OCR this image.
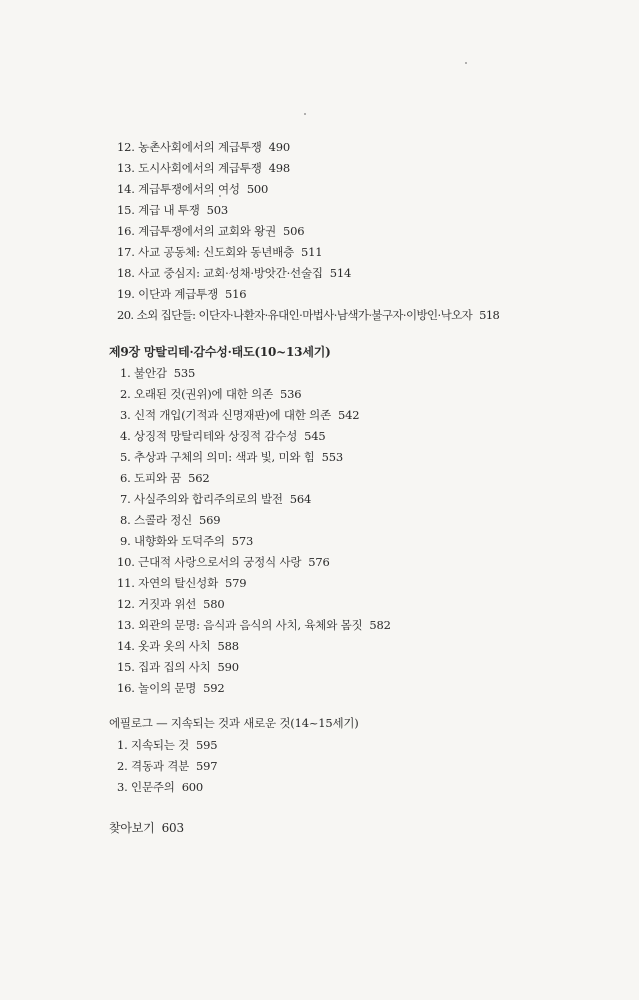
12. 농촌사회에서의 계급투쟁 490
13. 도시사회에서의 계급투쟁 498
14. 계급투쟁에서의 여성 500
15. 계급 내 투쟁 503
16. 계급투쟁에서의 교회와 왕권 506
17. 사교 공동체: 신도회와 동년배층 511
18. 사교 중심지: 교회·성채·방앗간·선술집 514
19. 이단과 계급투쟁 516
20. 소외 집단들: 이단자·나환자·유대인·마법사·남색가·불구자·이방인·낙오자 518
제9장 망탈리테·감수성·태도(10~13세기)
1. 불안감 535
2. 오래된 것(권위)에 대한 의존 536
3. 신적 개입(기적과 신명재판)에 대한 의존 542
4. 상징적 망탈리테와 상징적 감수성 545
5. 추상과 구체의 의미: 색과 빛, 미와 힘 553
6. 도피와 꿈 562
7. 사실주의와 합리주의로의 발전 564
8. 스콜라 정신 569
9. 내향화와 도덕주의 573
10. 근대적 사랑으로서의 궁정식 사랑 576
11. 자연의 탈신성화 579
12. 거짓과 위선 580
13. 외관의 문명: 음식과 음식의 사치, 육체와 몸짓 582
14. 옷과 옷의 사치 588
15. 집과 집의 사치 590
16. 놀이의 문명 592
에필로그 — 지속되는 것과 새로운 것(14~15세기)
1. 지속되는 것 595
2. 격동과 격분 597
3. 인문주의 600
찾아보기 603
